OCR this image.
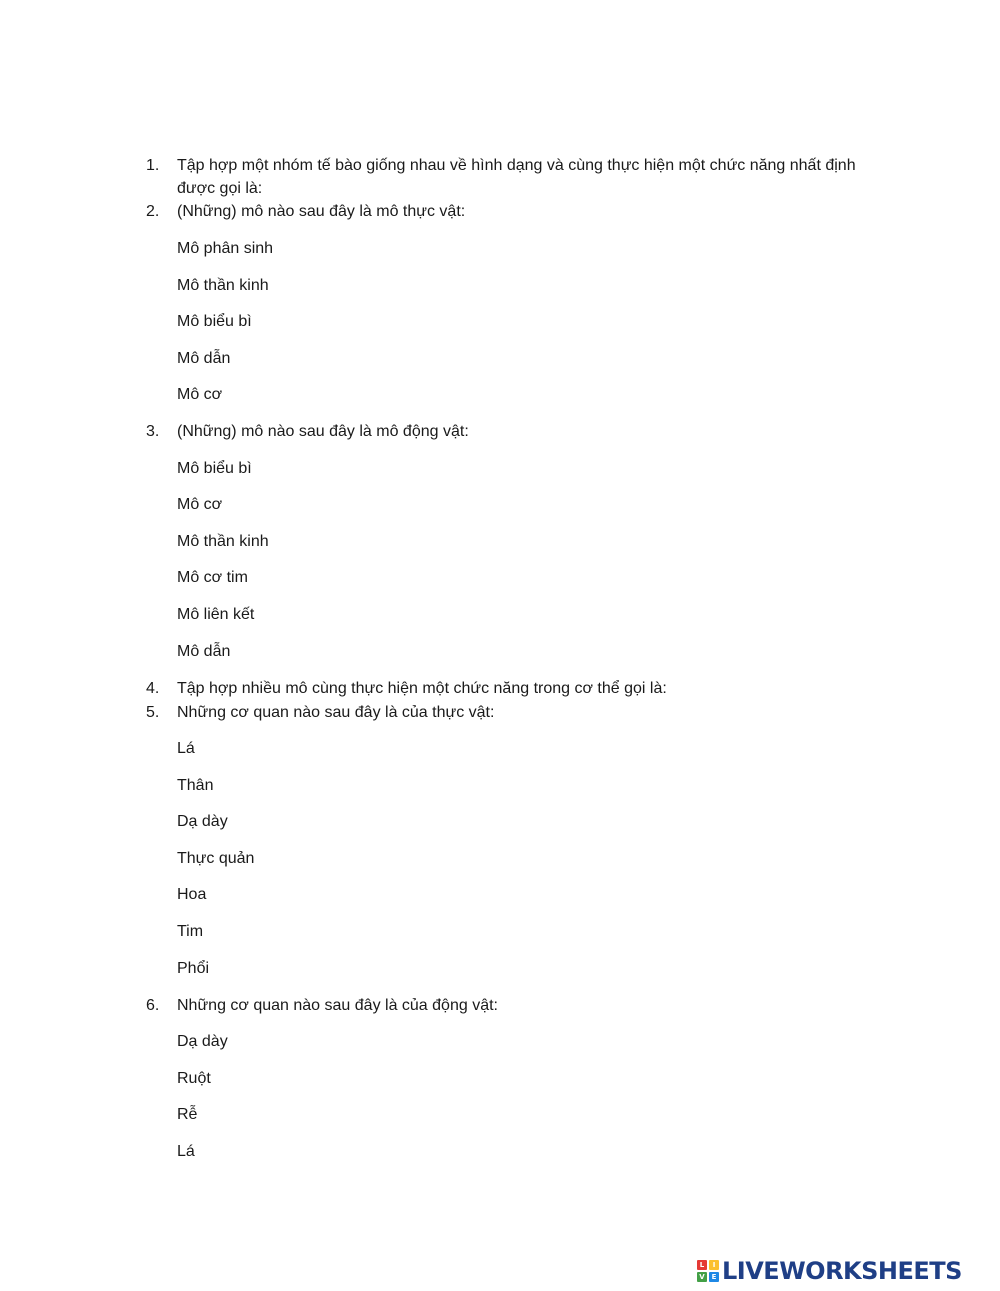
1.	Tập hợp một nhóm tế bào giống nhau về hình dạng và cùng thực hiện một chức năng nhất định được gọi là:
2.	(Những) mô nào sau đây là mô thực vật:
Mô phân sinh
Mô thần kinh
Mô biểu bì
Mô dẫn
Mô cơ
3.	(Những) mô nào sau đây là mô động vật:
Mô biểu bì
Mô cơ
Mô thần kinh
Mô cơ tim
Mô liên kết
Mô dẫn
4.	Tập hợp nhiều mô cùng thực hiện một chức năng trong cơ thể gọi là:
5.	Những cơ quan nào sau đây là của thực vật:
Lá
Thân
Dạ dày
Thực quản
Hoa
Tim
Phổi
6.	Những cơ quan nào sau đây là của động vật:
Dạ dày
Ruột
Rễ
Lá
L	I
V E LIVEWORKSHEETS
